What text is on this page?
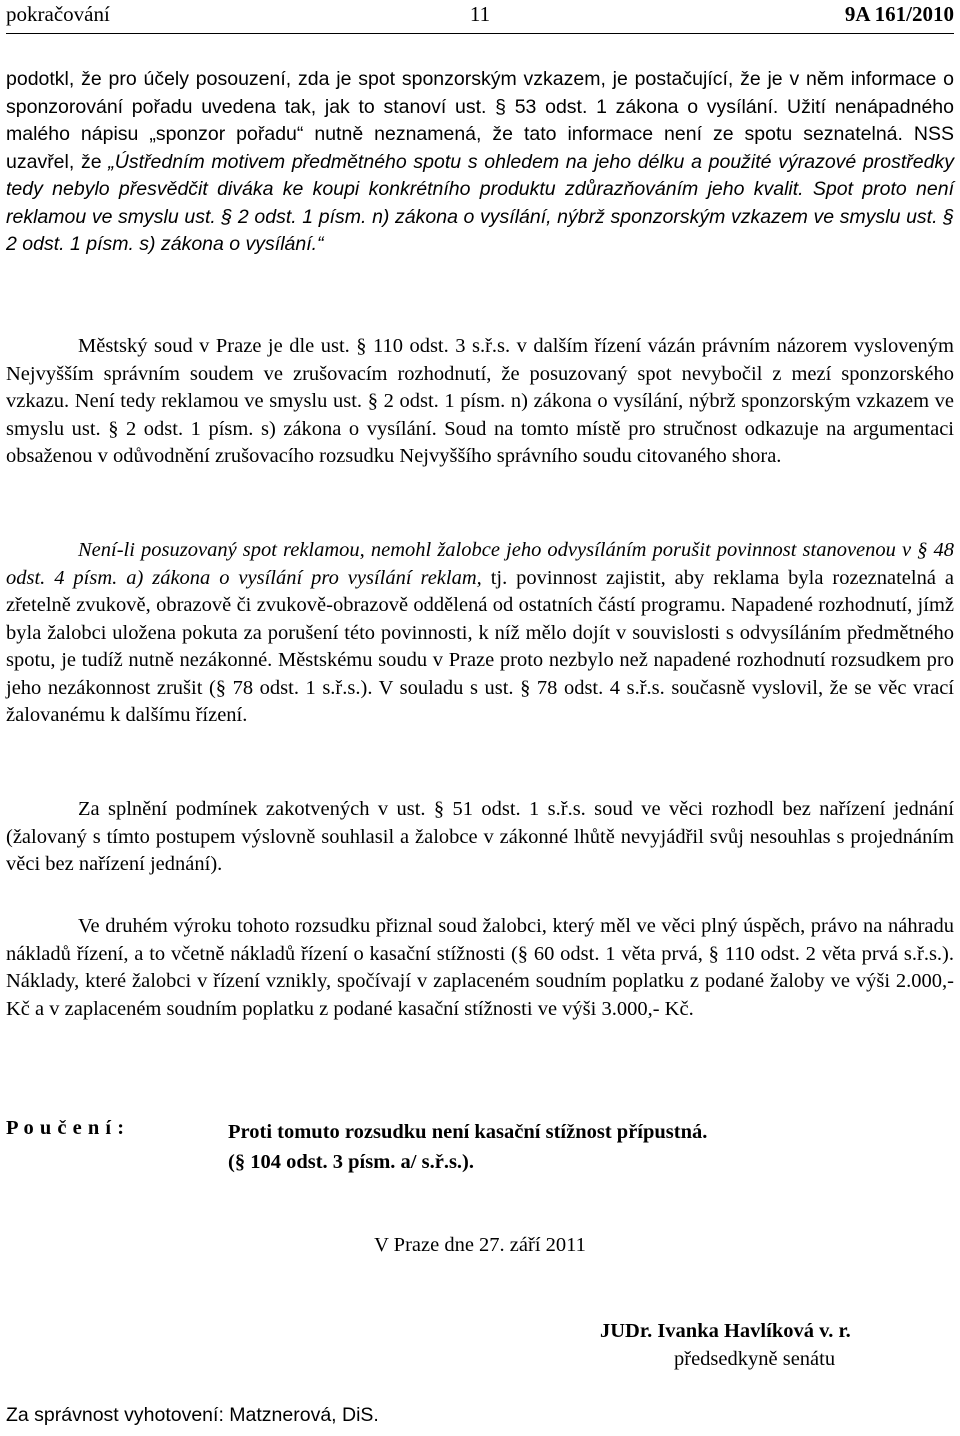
pokračování	11	9A 161/2010

podotkl, že pro účely posouzení, zda je spot sponzorským vzkazem, je postačující, že je v něm informace o sponzorování pořadu uvedena tak, jak to stanoví ust. § 53 odst. 1 zákona o vysílání. Užití nenápadného malého nápisu „sponzor pořadu“ nutně neznamená, že tato informace není ze spotu seznatelná. NSS uzavřel, že „Ústředním motivem předmětného spotu s ohledem na jeho délku a použité výrazové prostředky tedy nebylo přesvědčit diváka ke koupi konkrétního produktu zdůrazňováním jeho kvalit. Spot proto není reklamou ve smyslu ust. § 2 odst. 1 písm. n) zákona o vysílání, nýbrž sponzorským vzkazem ve smyslu ust. § 2 odst. 1 písm. s) zákona o vysílání.“

Městský soud v Praze je dle ust. § 110 odst. 3 s.ř.s. v dalším řízení vázán právním názorem vysloveným Nejvyšším správním soudem ve zrušovacím rozhodnutí, že posuzovaný spot nevybočil z mezí sponzorského vzkazu. Není tedy reklamou ve smyslu ust. § 2 odst. 1 písm. n) zákona o vysílání, nýbrž sponzorským vzkazem ve smyslu ust. § 2 odst. 1 písm. s) zákona o vysílání. Soud na tomto místě pro stručnost odkazuje na argumentaci obsaženou v odůvodnění zrušovacího rozsudku Nejvyššího správního soudu citovaného shora.

Není-li posuzovaný spot reklamou, nemohl žalobce jeho odvysíláním porušit povinnost stanovenou v § 48 odst. 4 písm. a) zákona o vysílání pro vysílání reklam, tj. povinnost zajistit, aby reklama byla rozeznatelná a zřetelně zvukově, obrazově či zvukově-obrazově oddělená od ostatních částí programu. Napadené rozhodnutí, jímž byla žalobci uložena pokuta za porušení této povinnosti, k níž mělo dojít v souvislosti s odvysíláním předmětného spotu, je tudíž nutně nezákonné. Městskému soudu v Praze proto nezbylo než napadené rozhodnutí rozsudkem pro jeho nezákonnost zrušit (§ 78 odst. 1 s.ř.s.). V souladu s ust. § 78 odst. 4 s.ř.s. současně vyslovil, že se věc vrací žalovanému k dalšímu řízení.

Za splnění podmínek zakotvených v ust. § 51 odst. 1 s.ř.s. soud ve věci rozhodl bez nařízení jednání (žalovaný s tímto postupem výslovně souhlasil a žalobce v zákonné lhůtě nevyjádřil svůj nesouhlas s projednáním věci bez nařízení jednání).

Ve druhém výroku tohoto rozsudku přiznal soud žalobci, který měl ve věci plný úspěch, právo na náhradu nákladů řízení, a to včetně nákladů řízení o kasační stížnosti (§ 60 odst. 1 věta prvá, § 110 odst. 2 věta prvá s.ř.s.). Náklady, které žalobci v řízení vznikly, spočívají v zaplaceném soudním poplatku z podané žaloby ve výši 2.000,- Kč a v zaplaceném soudním poplatku z podané kasační stížnosti ve výši 3.000,- Kč.

P o u č e n í :	Proti tomuto rozsudku není kasační stížnost přípustná.
(§ 104 odst. 3 písm. a/ s.ř.s.).
V Praze dne 27. září 2011
JUDr. Ivanka Havlíková v. r.
předsedkyně senátu
Za správnost vyhotovení: Matznerová, DiS.
